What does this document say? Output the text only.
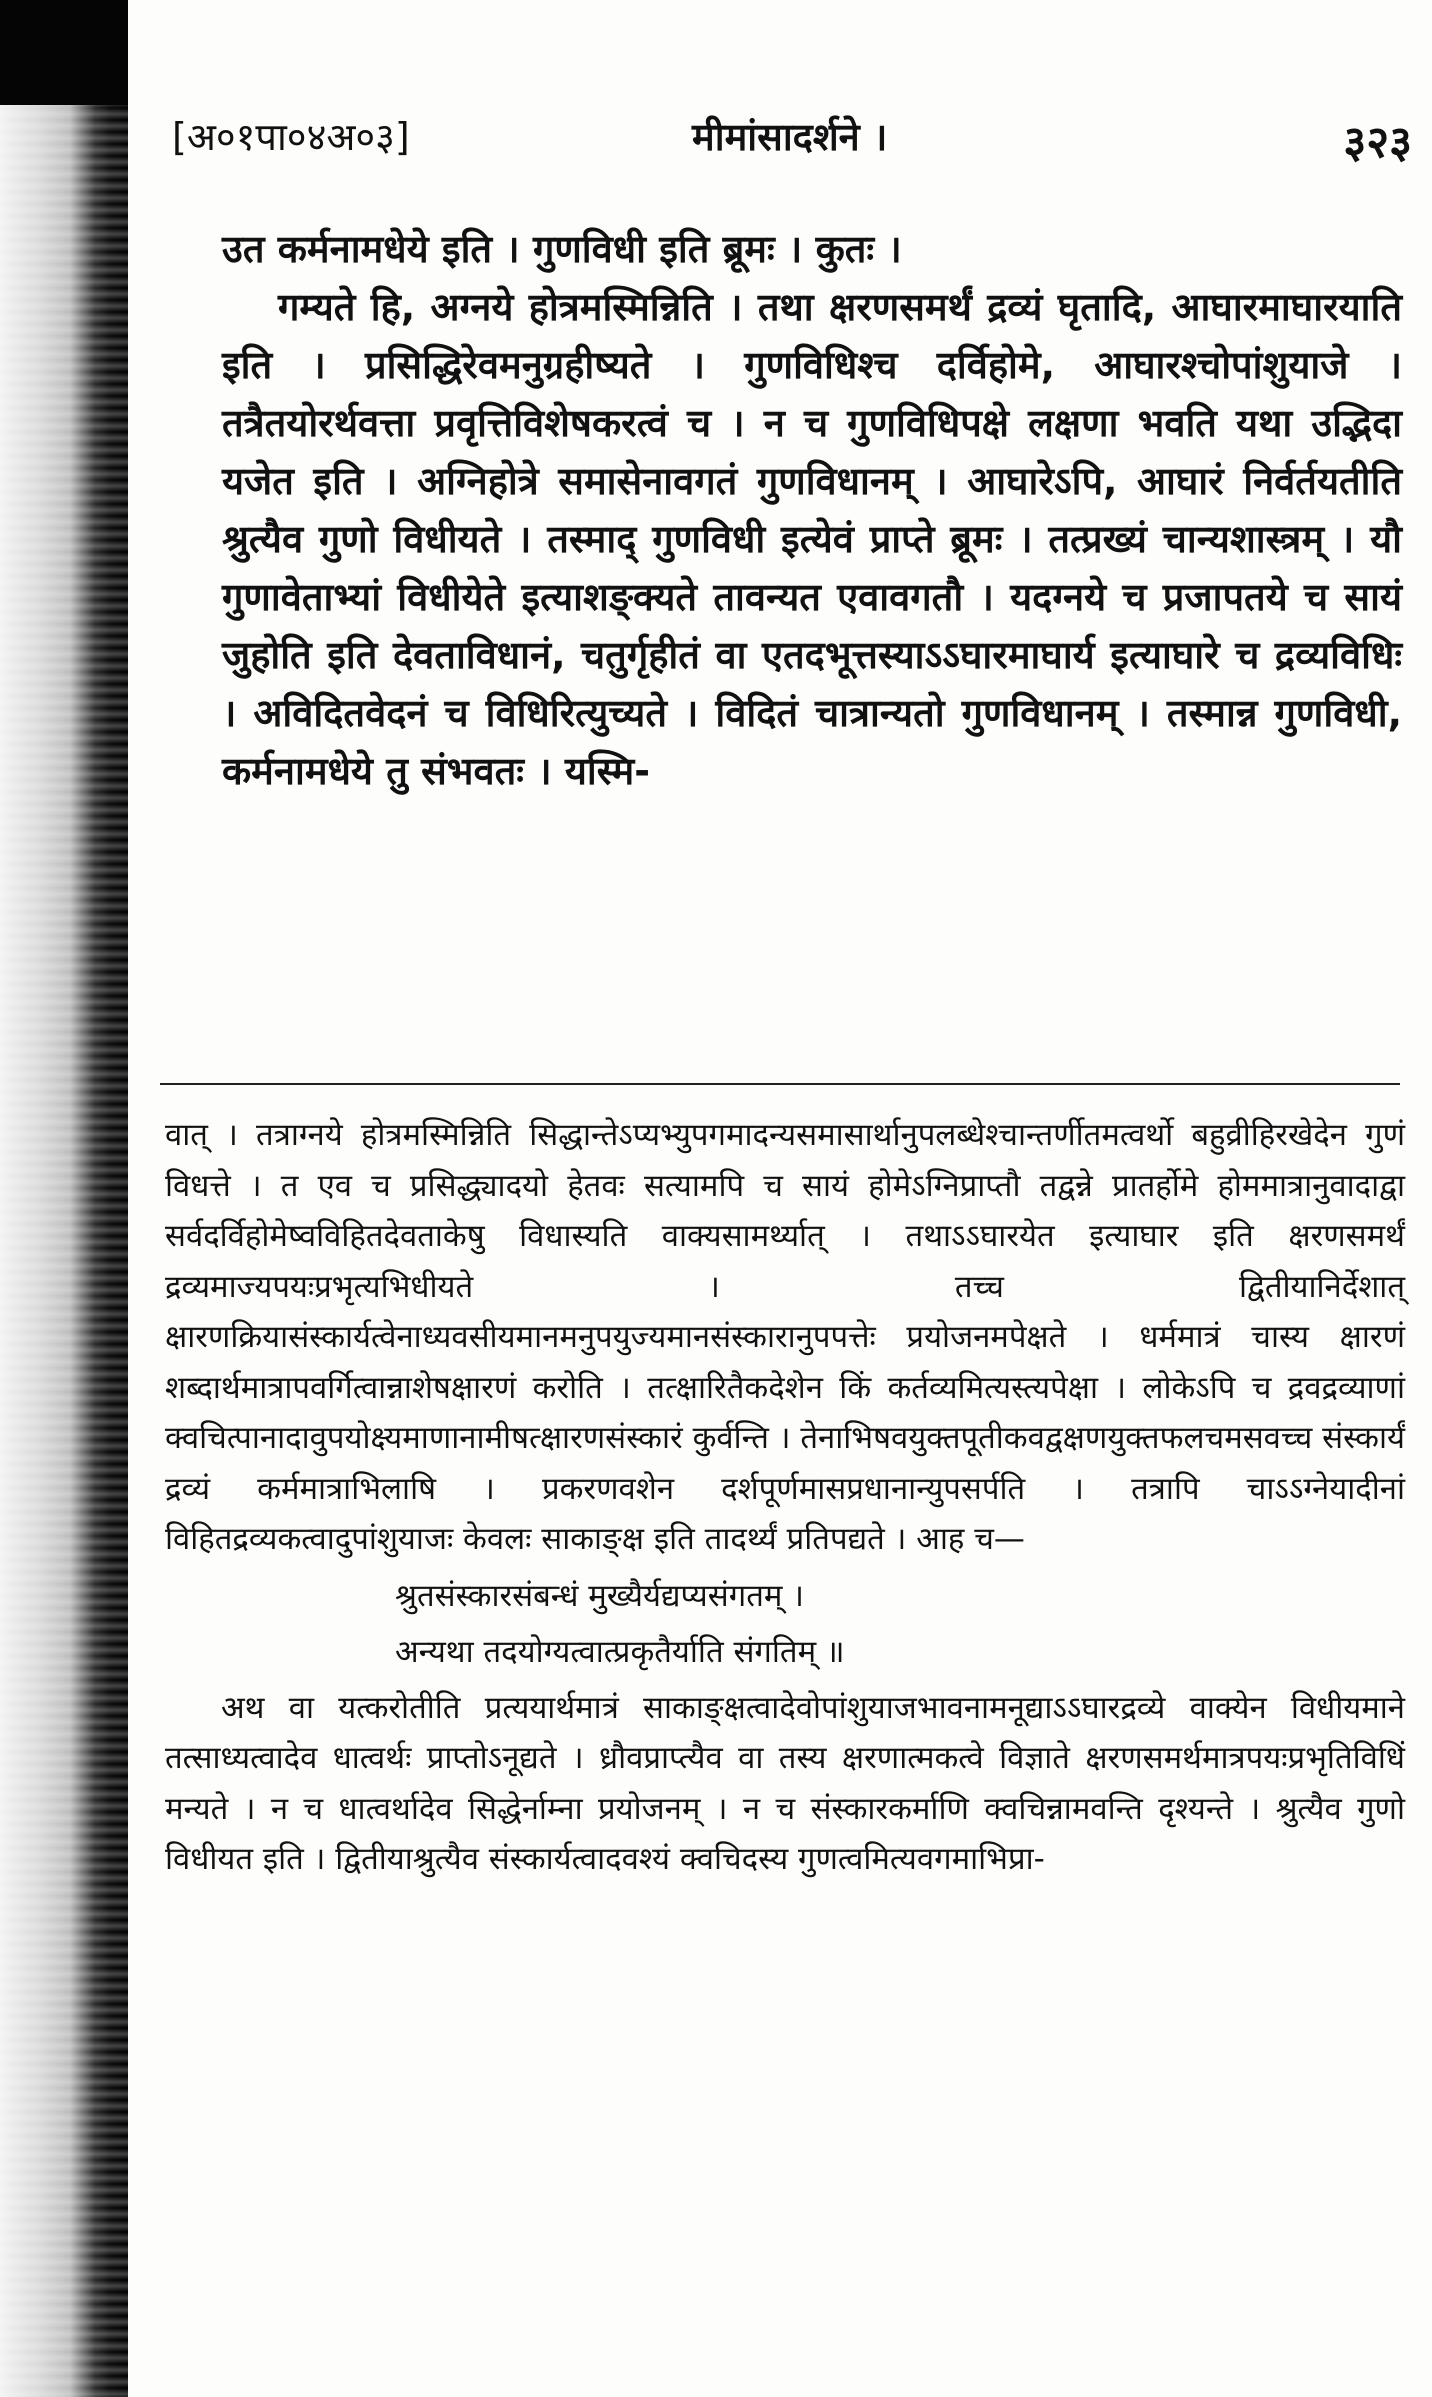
[अ०१पा०४अ०३]	मीमांसादर्शने ।	३२३

उत कर्मनामधेये इति । गुणविधी इति ब्रूमः । कुतः ।

गम्यते हि, अग्नये होत्रमस्मिन्निति । तथा क्षरणसमर्थं द्रव्यं घृतादि, आघारमाघारयाति इति । प्रसिद्धिरेवमनुग्रहीष्यते । गुणविधिश्च दर्विहोमे, आघारश्चोपांशुयाजे । तत्रैतयोरर्थवत्ता प्रवृत्तिविशेषकरत्वं च । न च गुणविधिपक्षे लक्षणा भवति यथा उद्भिदा यजेत इति । अग्निहोत्रे समासेनावगतं गुणविधानम् । आघारेऽपि, आघारं निर्वर्तयतीति श्रुत्यैव गुणो विधीयते । तस्माद् गुणविधी इत्येवं प्राप्ते ब्रूमः । तत्प्रख्यं चान्यशास्त्रम् । यौ गुणावेताभ्यां विधीयेते इत्याशङ्क्यते तावन्यत एवावगतौ । यदग्नये च प्रजापतये च सायं जुहोति इति देवताविधानं, चतुर्गृहीतं वा एतदभूत्तस्याऽऽघारमाघार्य इत्याघारे च द्रव्यविधिः । अविदितवेदनं च विधिरित्युच्यते । विदितं चात्रान्यतो गुणविधानम् । तस्मान्न गुणविधी, कर्मनामधेये तु संभवतः । यस्मि-

वात् । तत्राग्नये होत्रमस्मिन्निति सिद्धान्तेऽप्यभ्युपगमादन्यसमासार्थानुपलब्धेश्चान्तर्णीतमत्वर्थो बहुव्रीहिरखेदेन गुणं विधत्ते । त एव च प्रसिद्ध्यादयो हेतवः सत्यामपि च सायं होमेऽग्निप्राप्तौ तद्वन्ने प्रातर्होमे होममात्रानुवादाद्वा सर्वदर्विहोमेष्वविहितदेवताकेषु विधास्यति वाक्यसामर्थ्यात् । तथाऽऽघारयेत इत्याघार इति क्षरणसमर्थं द्रव्यमाज्यपयःप्रभृत्यभिधीयते । तच्च द्वितीयानिर्देशात् क्षारणक्रियासंस्कार्यत्वेनाध्यवसीयमानमनुपयुज्यमानसंस्कारानुपपत्तेः प्रयोजनमपेक्षते । धर्ममात्रं चास्य क्षारणं शब्दार्थमात्रापवर्गित्वान्नाशेषक्षारणं करोति । तत्क्षारितैकदेशेन किं कर्तव्यमित्यस्त्यपेक्षा । लोकेऽपि च द्रवद्रव्याणां क्वचित्पानादावुपयोक्ष्यमाणानामीषत्क्षारणसंस्कारं कुर्वन्ति । तेनाभिषवयुक्तपूतीकवद्वक्षणयुक्तफलचमसवच्च संस्कार्यं द्रव्यं कर्ममात्राभिलाषि । प्रकरणवशेन दर्शपूर्णमासप्रधानान्युपसर्पति । तत्रापि चाऽऽग्नेयादीनां विहितद्रव्यकत्वादुपांशुयाजः केवलः साकाङ्क्ष इति तादर्थ्यं प्रतिपद्यते । आह च—

श्रुतसंस्कारसंबन्धं मुख्यैर्यद्यप्यसंगतम् ।

अन्यथा तदयोग्यत्वात्प्रकृतैर्याति संगतिम् ॥

अथ वा यत्करोतीति प्रत्ययार्थमात्रं साकाङ्क्षत्वादेवोपांशुयाजभावनामनूद्याऽऽघारद्रव्ये वाक्येन विधीयमाने तत्साध्यत्वादेव धात्वर्थः प्राप्तोऽनूद्यते । ध्रौवप्राप्त्यैव वा तस्य क्षरणात्मकत्वे विज्ञाते क्षरणसमर्थमात्रपयःप्रभृतिविधिं मन्यते । न च धात्वर्थादेव सिद्धेर्नाम्ना प्रयोजनम् । न च संस्कारकर्माणि क्वचिन्नामवन्ति दृश्यन्ते । श्रुत्यैव गुणो विधीयत इति । द्वितीयाश्रुत्यैव संस्कार्यत्वादवश्यं क्वचिदस्य गुणत्वमित्यवगमाभिप्रा-
